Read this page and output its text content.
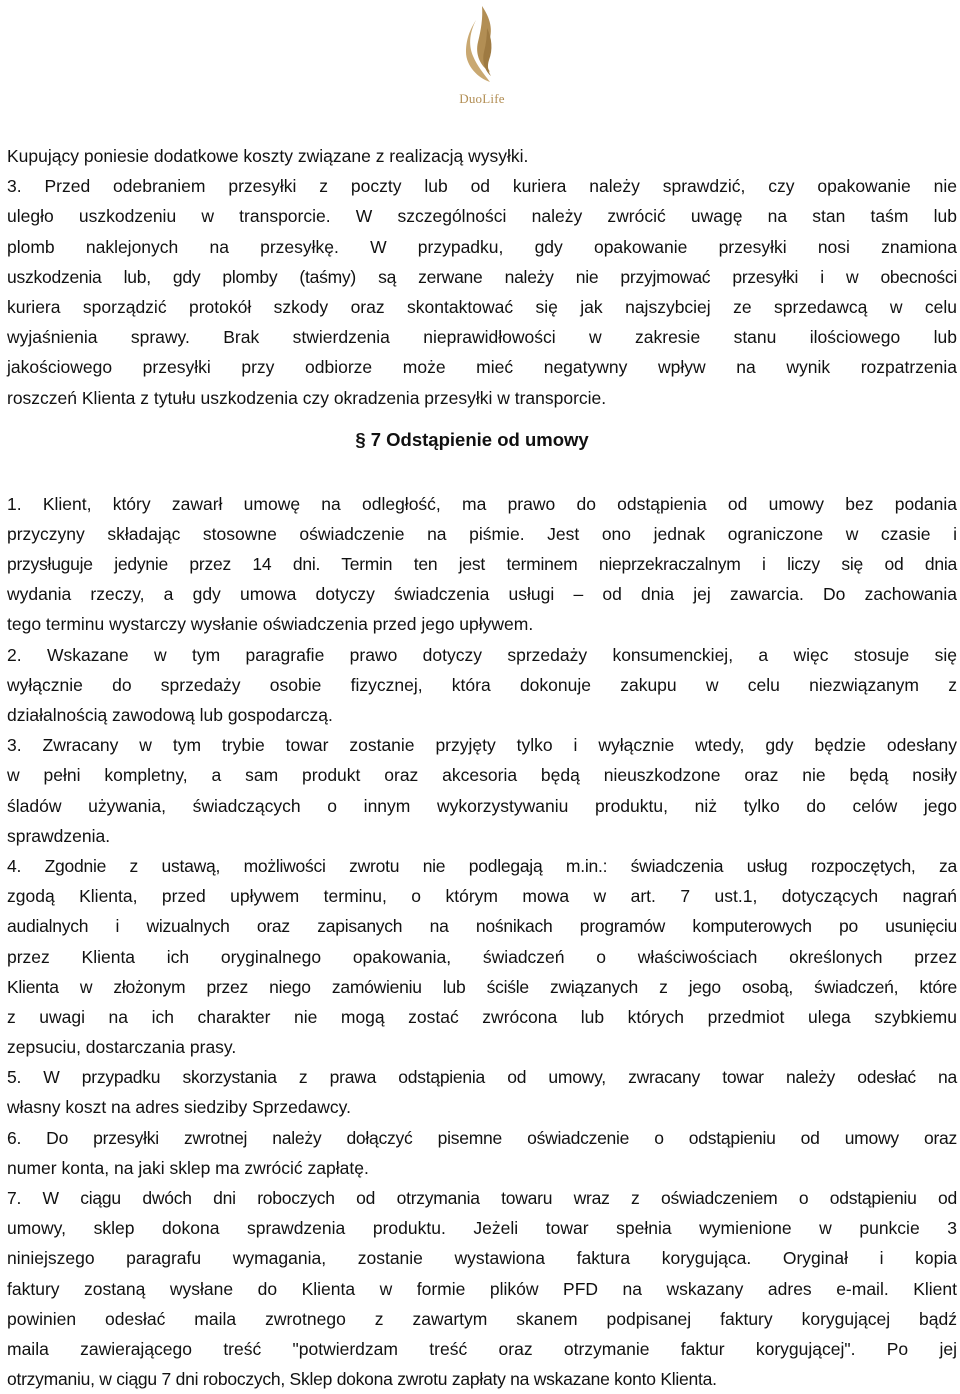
DuoLife
Kupujący poniesie dodatkowe koszty związane z realizacją wysyłki.
3. Przed odebraniem przesyłki z poczty lub od kuriera należy sprawdzić, czy opakowanie nie
uległo uszkodzeniu w transporcie. W szczególności należy zwrócić uwagę na stan taśm lub
plomb naklejonych na przesyłkę. W przypadku, gdy opakowanie przesyłki nosi znamiona
uszkodzenia lub, gdy plomby (taśmy) są zerwane należy nie przyjmować przesyłki i w obecności
kuriera sporządzić protokół szkody oraz skontaktować się jak najszybciej ze sprzedawcą w celu
wyjaśnienia sprawy. Brak stwierdzenia nieprawidłowości w zakresie stanu ilościowego lub
jakościowego przesyłki przy odbiorze może mieć negatywny wpływ na wynik rozpatrzenia
roszczeń Klienta z tytułu uszkodzenia czy okradzenia przesyłki w transporcie.
§ 7 Odstąpienie od umowy
1. Klient, który zawarł umowę na odległość, ma prawo do odstąpienia od umowy bez podania
przyczyny składając stosowne oświadczenie na piśmie. Jest ono jednak ograniczone w czasie i
przysługuje jedynie przez 14 dni. Termin ten jest terminem nieprzekraczalnym i liczy się od dnia
wydania rzeczy, a gdy umowa dotyczy świadczenia usługi – od dnia jej zawarcia. Do zachowania
tego terminu wystarczy wysłanie oświadczenia przed jego upływem.
2. Wskazane w tym paragrafie prawo dotyczy sprzedaży konsumenckiej, a więc stosuje się
wyłącznie do sprzedaży osobie fizycznej, która dokonuje zakupu w celu niezwiązanym z
działalnością zawodową lub gospodarczą.
3. Zwracany w tym trybie towar zostanie przyjęty tylko i wyłącznie wtedy, gdy będzie odesłany
w pełni kompletny, a sam produkt oraz akcesoria będą nieuszkodzone oraz nie będą nosiły
śladów używania, świadczących o innym wykorzystywaniu produktu, niż tylko do celów jego
sprawdzenia.
4. Zgodnie z ustawą, możliwości zwrotu nie podlegają m.in.: świadczenia usług rozpoczętych, za
zgodą Klienta, przed upływem terminu, o którym mowa w art. 7 ust.1, dotyczących nagrań
audialnych i wizualnych oraz zapisanych na nośnikach programów komputerowych po usunięciu
przez Klienta ich oryginalnego opakowania, świadczeń o właściwościach określonych przez
Klienta w złożonym przez niego zamówieniu lub ściśle związanych z jego osobą, świadczeń, które
z uwagi na ich charakter nie mogą zostać zwrócona lub których przedmiot ulega szybkiemu
zepsuciu, dostarczania prasy.
5. W przypadku skorzystania z prawa odstąpienia od umowy, zwracany towar należy odesłać na
własny koszt na adres siedziby Sprzedawcy.
6. Do przesyłki zwrotnej należy dołączyć pisemne oświadczenie o odstąpieniu od umowy oraz
numer konta, na jaki sklep ma zwrócić zapłatę.
7. W ciągu dwóch dni roboczych od otrzymania towaru wraz z oświadczeniem o odstąpieniu od
umowy, sklep dokona sprawdzenia produktu. Jeżeli towar spełnia wymienione w punkcie 3
niniejszego paragrafu wymagania, zostanie wystawiona faktura korygująca. Oryginał i kopia
faktury zostaną wysłane do Klienta w formie plików PFD na wskazany adres e-mail. Klient
powinien odesłać maila zwrotnego z zawartym skanem podpisanej faktury korygującej bądź
maila zawierającego treść "potwierdzam treść oraz otrzymanie faktur korygującej". Po jej
otrzymaniu, w ciągu 7 dni roboczych, Sklep dokona zwrotu zapłaty na wskazane konto Klienta.
